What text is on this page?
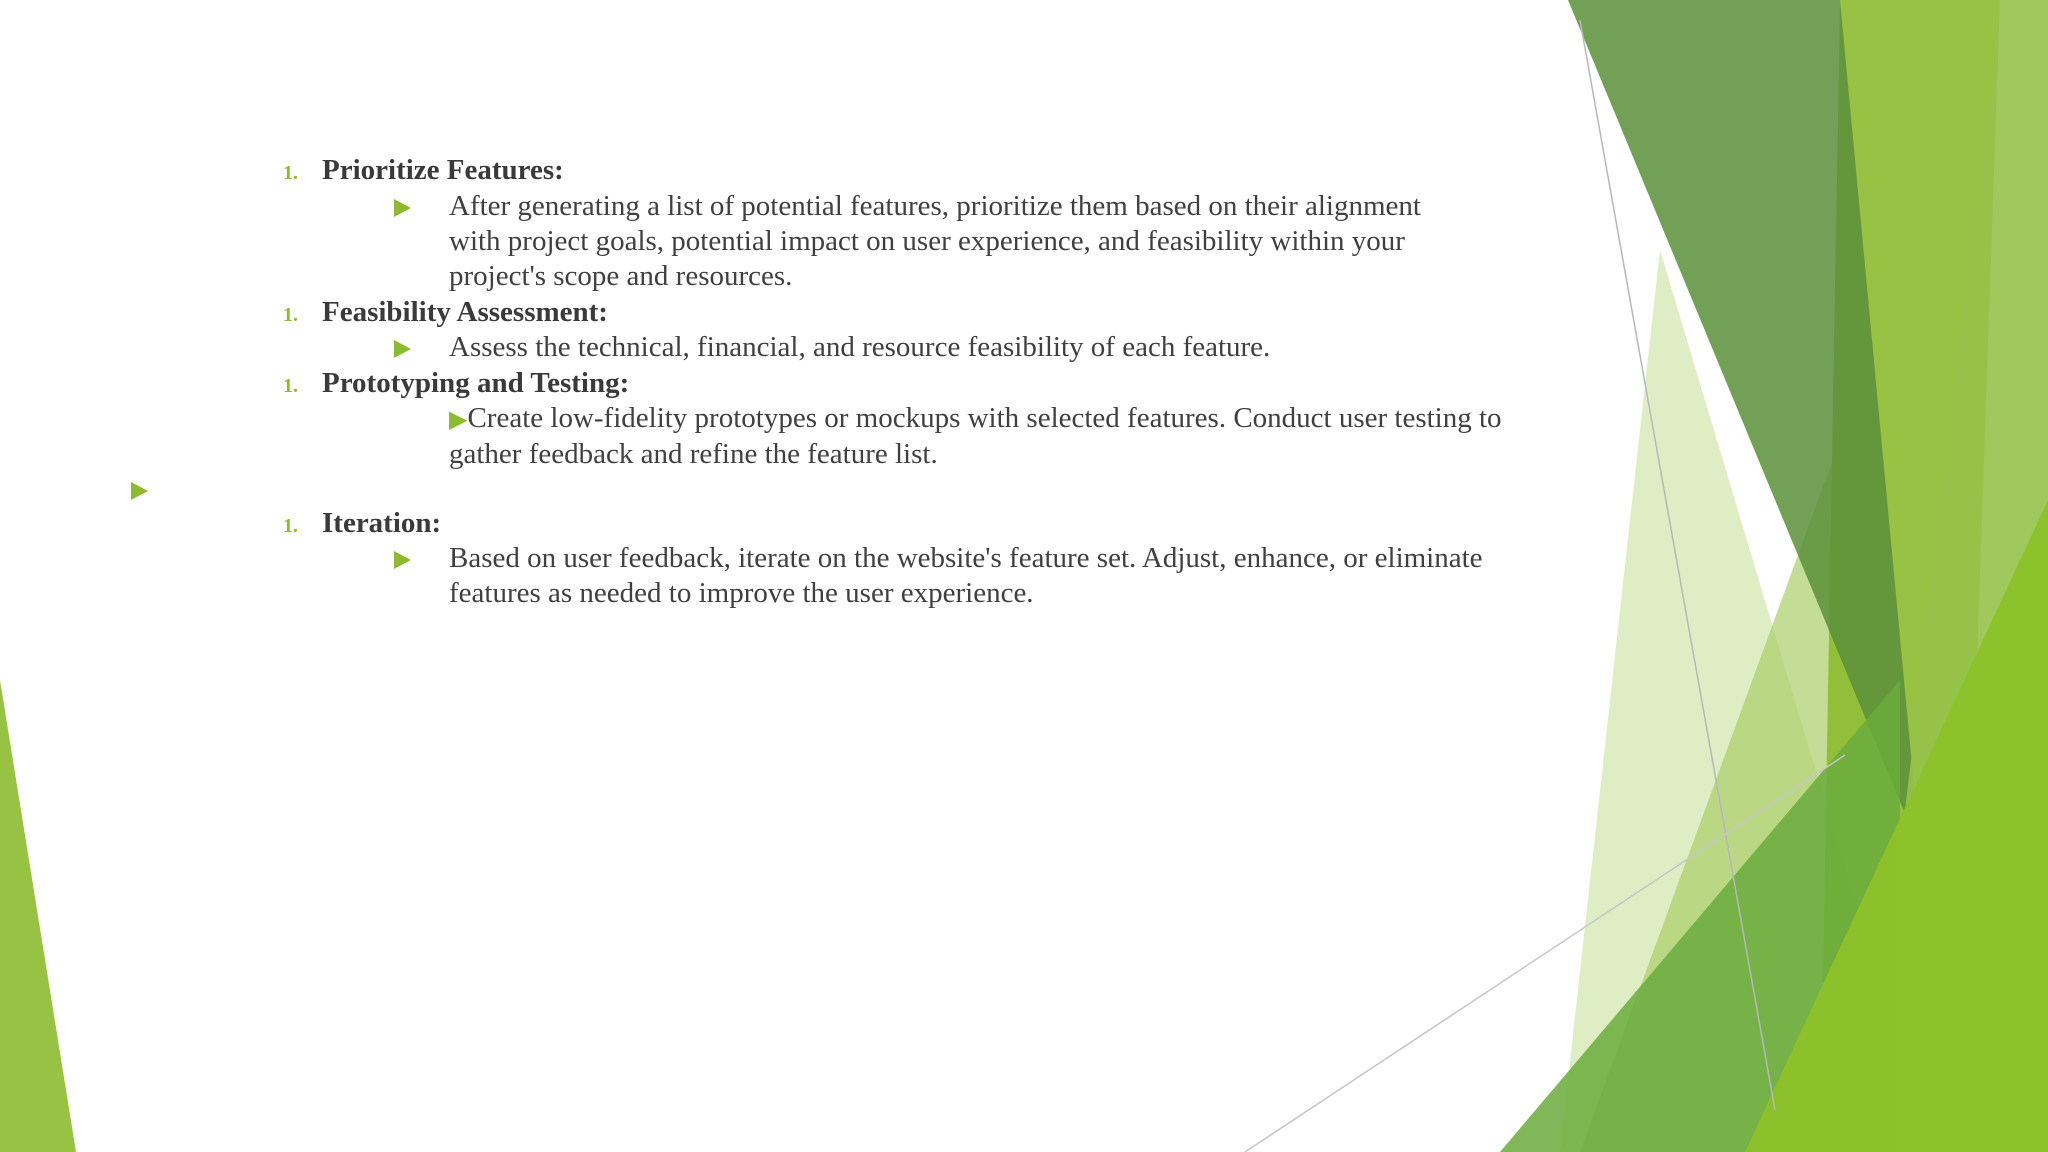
1. Prioritize Features:
After generating a list of potential features, prioritize them based on their alignment
with project goals, potential impact on user experience, and feasibility within your
project's scope and resources.
1. Feasibility Assessment:
Assess the technical, financial, and resource feasibility of each feature.
1. Prototyping and Testing:
▶Create low-fidelity prototypes or mockups with selected features. Conduct user testing to
gather feedback and refine the feature list.
1. Iteration:
Based on user feedback, iterate on the website's feature set. Adjust, enhance, or eliminate
features as needed to improve the user experience.
